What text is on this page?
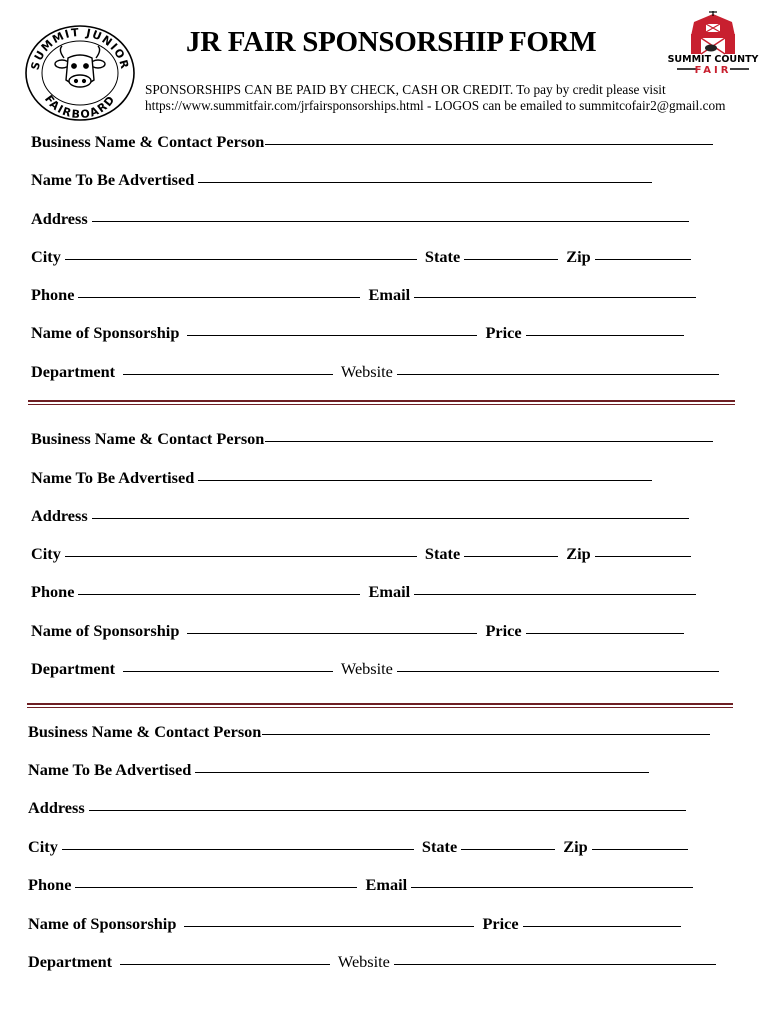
SUMMIT JUNIOR
FAIRBOARD
JR FAIR SPONSORSHIP FORM
SPONSORSHIPS CAN BE PAID BY CHECK, CASH OR CREDIT. To pay by credit please visit
https://www.summitfair.com/jrfairsponsorships.html - LOGOS can be emailed to summitcofair2@gmail.com
SUMMIT COUNTY
FAIR
Business Name & Contact Person
Name To Be Advertised
Address
City	State	Zip
Phone	Email
Name of Sponsorship	Price
Department	Website
Business Name & Contact Person
Name To Be Advertised
Address
City	State	Zip
Phone	Email
Name of Sponsorship	Price
Department	Website
Business Name & Contact Person
Name To Be Advertised
Address
City	State	Zip
Phone	Email
Name of Sponsorship	Price
Department	Website
